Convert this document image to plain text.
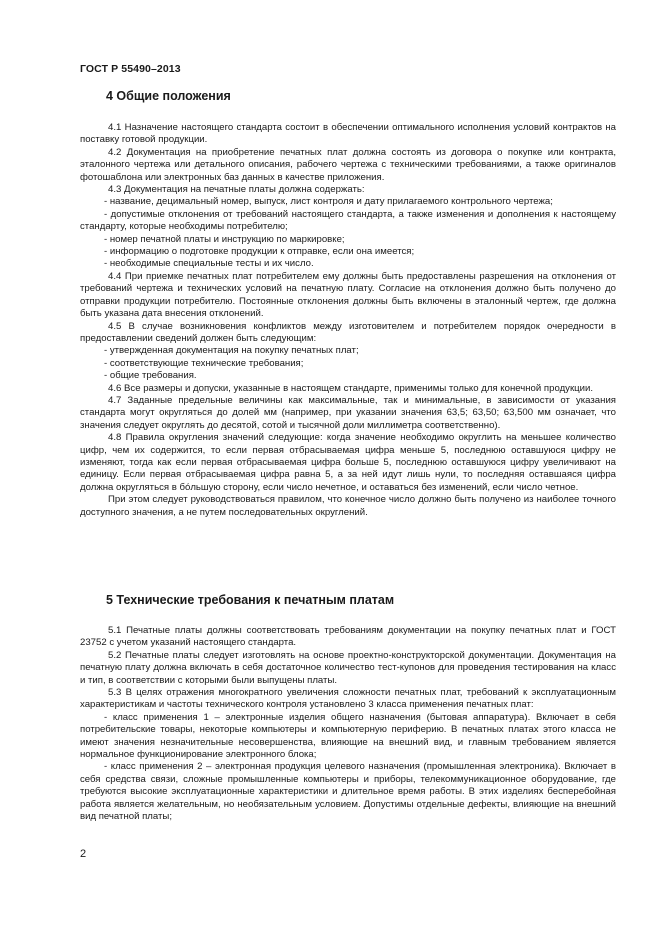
ГОСТ Р 55490–2013
4 Общие положения

4.1 Назначение настоящего стандарта состоит в обеспечении оптимального исполнения условий контрактов на поставку готовой продукции.

4.2 Документация на приобретение печатных плат должна состоять из договора о покупке или контракта, эталонного чертежа или детального описания, рабочего чертежа с техническими требованиями, а также оригиналов фотошаблона или электронных баз данных в качестве приложения.

4.3 Документация на печатные платы должна содержать:

- название, децимальный номер, выпуск, лист контроля и дату прилагаемого контрольного чертежа;

- допустимые отклонения от требований настоящего стандарта, а также изменения и дополнения к настоящему стандарту, которые необходимы потребителю;

- номер печатной платы и инструкцию по маркировке;

- информацию о подготовке продукции к отправке, если она имеется;

- необходимые специальные тесты и их число.

4.4 При приемке печатных плат потребителем ему должны быть предоставлены разрешения на отклонения от требований чертежа и технических условий на печатную плату. Согласие на отклонения должно быть получено до отправки продукции потребителю. Постоянные отклонения должны быть включены в эталонный чертеж, где должна быть указана дата внесения отклонений.

4.5 В случае возникновения конфликтов между изготовителем и потребителем порядок очередности в предоставлении сведений должен быть следующим:

- утвержденная документация на покупку печатных плат;

- соответствующие технические требования;

- общие требования.

4.6 Все размеры и допуски, указанные в настоящем стандарте, применимы только для конечной продукции.

4.7 Заданные предельные величины как максимальные, так и минимальные, в зависимости от указания стандарта могут округляться до долей мм (например, при указании значения 63,5; 63,50; 63,500 мм означает, что значения следует округлять до десятой, сотой и тысячной доли миллиметра соответственно).

4.8 Правила округления значений следующие: когда значение необходимо округлить на меньшее количество цифр, чем их содержится, то если первая отбрасываемая цифра меньше 5, последнюю оставшуюся цифру не изменяют, тогда как если первая отбрасываемая цифра больше 5, последнюю оставшуюся цифру увеличивают на единицу. Если первая отбрасываемая цифра равна 5, а за ней идут лишь нули, то последняя оставшаяся цифра должна округляться в бо́льшую сторону, если число нечетное, и оставаться без изменений, если число четное.

При этом следует руководствоваться правилом, что конечное число должно быть получено из наиболее точного доступного значения, а не путем последовательных округлений.

5 Технические требования к печатным платам

5.1 Печатные платы должны соответствовать требованиям документации на покупку печатных плат и ГОСТ 23752 с учетом указаний настоящего стандарта.

5.2 Печатные платы следует изготовлять на основе проектно-конструкторской документации. Документация на печатную плату должна включать в себя достаточное количество тест-купонов для проведения тестирования на класс и тип, в соответствии с которыми были выпущены платы.

5.3 В целях отражения многократного увеличения сложности печатных плат, требований к эксплуатационным характеристикам и частоты технического контроля установлено 3 класса применения печатных плат:

- класс применения 1 – электронные изделия общего назначения (бытовая аппаратура). Включает в себя потребительские товары, некоторые компьютеры и компьютерную периферию. В печатных платах этого класса не имеют значения незначительные несовершенства, влияющие на внешний вид, и главным требованием является нормальное функционирование электронного блока;

- класс применения 2 – электронная продукция целевого назначения (промышленная электроника). Включает в себя средства связи, сложные промышленные компьютеры и приборы, телекоммуникационное оборудование, где требуются высокие эксплуатационные характеристики и длительное время работы. В этих изделиях бесперебойная работа является желательным, но необязательным условием. Допустимы отдельные дефекты, влияющие на внешний вид печатной платы;

2
